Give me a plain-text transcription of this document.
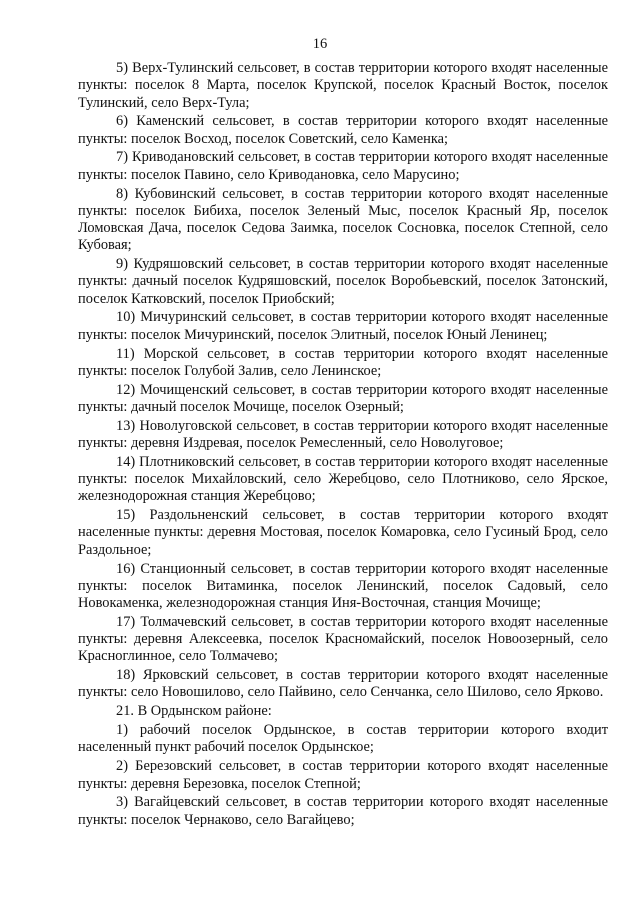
16

5) Верх-Тулинский сельсовет, в состав территории которого входят населенные пункты: поселок 8 Марта, поселок Крупской, поселок Красный Восток, поселок Тулинский, село Верх-Тула;

6) Каменский сельсовет, в состав территории которого входят населенные пункты: поселок Восход, поселок Советский, село Каменка;

7) Криводановский сельсовет, в состав территории которого входят населенные пункты: поселок Павино, село Криводановка, село Марусино;

8) Кубовинский сельсовет, в состав территории которого входят населенные пункты: поселок Бибиха, поселок Зеленый Мыс, поселок Красный Яр, поселок Ломовская Дача, поселок Седова Заимка, поселок Сосновка, поселок Степной, село Кубовая;

9) Кудряшовский сельсовет, в состав территории которого входят населенные пункты: дачный поселок Кудряшовский, поселок Воробьевский, поселок Затонский, поселок Катковский, поселок Приобский;

10) Мичуринский сельсовет, в состав территории которого входят населенные пункты: поселок Мичуринский, поселок Элитный, поселок Юный Ленинец;

11) Морской сельсовет, в состав территории которого входят населенные пункты: поселок Голубой Залив, село Ленинское;

12) Мочищенский сельсовет, в состав территории которого входят населенные пункты: дачный поселок Мочище, поселок Озерный;

13) Новолуговской сельсовет, в состав территории которого входят населенные пункты: деревня Издревая, поселок Ремесленный, село Новолуговое;

14) Плотниковский сельсовет, в состав территории которого входят населенные пункты: поселок Михайловский, село Жеребцово, село Плотниково, село Ярское, железнодорожная станция Жеребцово;

15) Раздольненский сельсовет, в состав территории которого входят населенные пункты: деревня Мостовая, поселок Комаровка, село Гусиный Брод, село Раздольное;

16) Станционный сельсовет, в состав территории которого входят населенные пункты: поселок Витаминка, поселок Ленинский, поселок Садовый, село Новокаменка, железнодорожная станция Иня-Восточная, станция Мочище;

17) Толмачевский сельсовет, в состав территории которого входят населенные пункты: деревня Алексеевка, поселок Красномайский, поселок Новоозерный, село Красноглинное, село Толмачево;

18) Ярковский сельсовет, в состав территории которого входят населенные пункты: село Новошилово, село Пайвино, село Сенчанка, село Шилово, село Ярково.

21. В Ордынском районе:

1) рабочий поселок Ордынское, в состав территории которого входит населенный пункт рабочий поселок Ордынское;

2) Березовский сельсовет, в состав территории которого входят населенные пункты: деревня Березовка, поселок Степной;

3) Вагайцевский сельсовет, в состав территории которого входят населенные пункты: поселок Чернаково, село Вагайцево;
